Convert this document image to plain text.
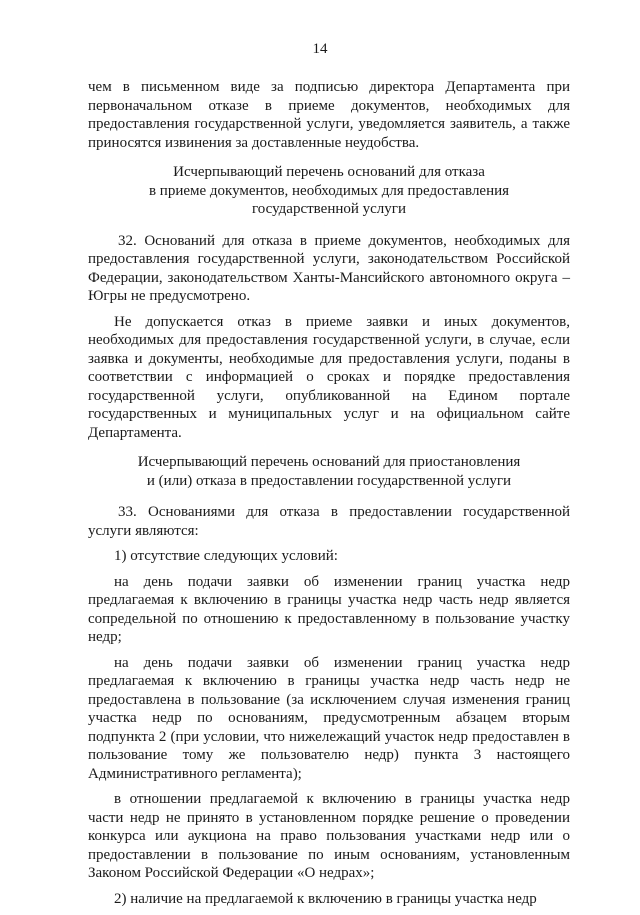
14

чем в письменном виде за подписью директора Департамента при первоначальном отказе в приеме документов, необходимых для предоставления государственной услуги, уведомляется заявитель, а также приносятся извинения за доставленные неудобства.

Исчерпывающий перечень оснований для отказа
в приеме документов, необходимых для предоставления
государственной услуги

32. Оснований для отказа в приеме документов, необходимых для предоставления государственной услуги, законодательством Российской Федерации, законодательством Ханты-Мансийского автономного округа – Югры не предусмотрено.

Не допускается отказ в приеме заявки и иных документов, необходимых для предоставления государственной услуги, в случае, если заявка и документы, необходимые для предоставления услуги, поданы в соответствии с информацией о сроках и порядке предоставления государственной услуги, опубликованной на Едином портале государственных и муниципальных услуг и на официальном сайте Департамента.

Исчерпывающий перечень оснований для приостановления
и (или) отказа в предоставлении государственной услуги

33. Основаниями для отказа в предоставлении государственной услуги являются:

1) отсутствие следующих условий:

на день подачи заявки об изменении границ участка недр предлагаемая к включению в границы участка недр часть недр является сопредельной по отношению к предоставленному в пользование участку недр;

на день подачи заявки об изменении границ участка недр предлагаемая к включению в границы участка недр часть недр не предоставлена в пользование (за исключением случая изменения границ участка недр по основаниям, предусмотренным абзацем вторым подпункта 2 (при условии, что нижележащий участок недр предоставлен в пользование тому же пользователю недр) пункта 3 настоящего Административного регламента);

в отношении предлагаемой к включению в границы участка недр части недр не принято в установленном порядке решение о проведении конкурса или аукциона на право пользования участками недр или о предоставлении в пользование по иным основаниям, установленным Законом Российской Федерации «О недрах»;

2) наличие на предлагаемой к включению в границы участка недр
